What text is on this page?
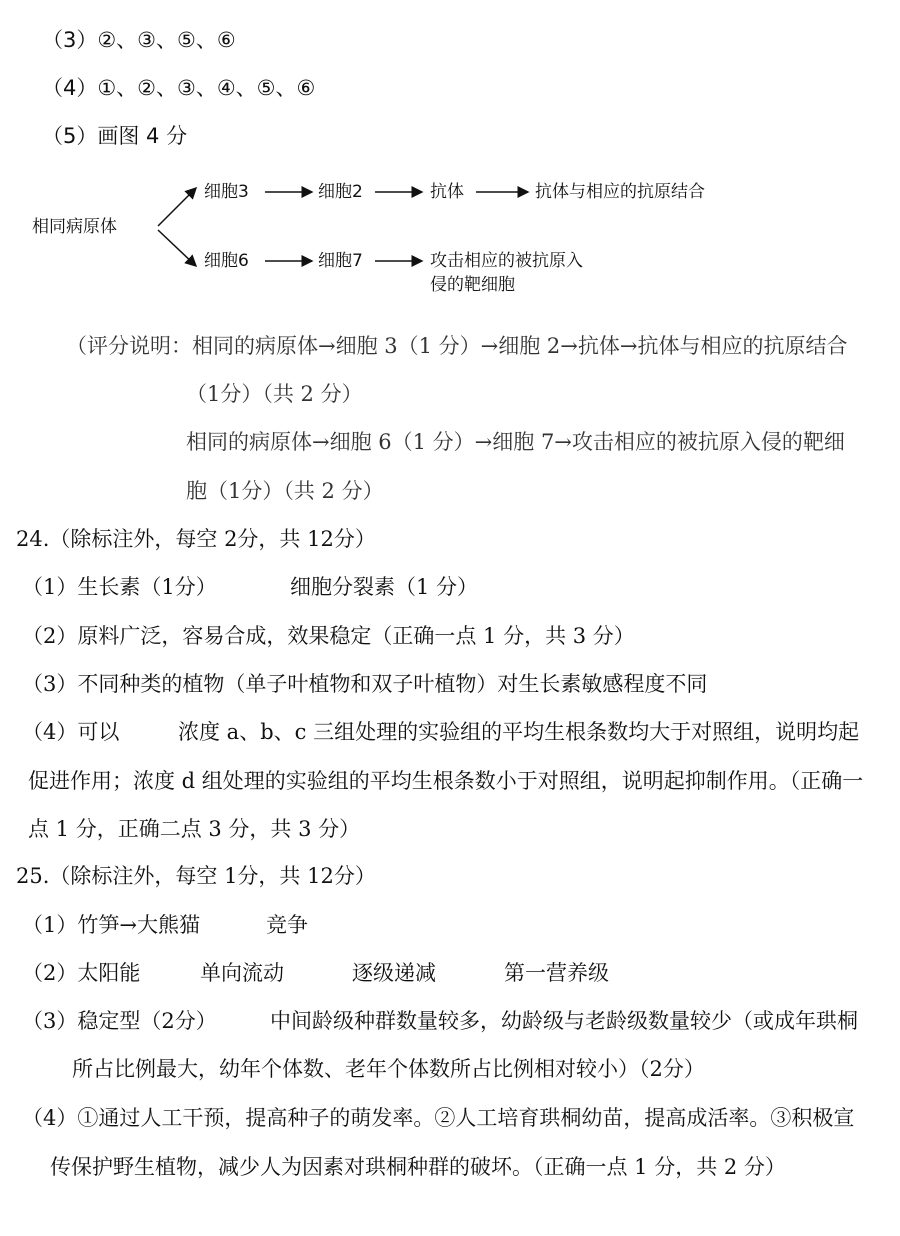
（3）②、③、⑤、⑥
（4）①、②、③、④、⑤、⑥
（5）画图 4 分
相同病原体
细胞3	细胞2	抗体	抗体与相应的抗原结合
细胞6	细胞7	攻击相应的被抗原入
侵的靶细胞
（评分说明：相同的病原体→细胞 3（1 分）→细胞 2→抗体→抗体与相应的抗原结合
（1分）（共 2 分）
相同的病原体→细胞 6（1 分）→细胞 7→攻击相应的被抗原入侵的靶细
胞（1分）（共 2 分）
24.（除标注外，每空 2分，共 12分）
（1）生长素（1分）	细胞分裂素（1 分）
（2）原料广泛，容易合成，效果稳定（正确一点 1 分，共 3 分）
（3）不同种类的植物（单子叶植物和双子叶植物）对生长素敏感程度不同
（4）可以	浓度 a、b、c 三组处理的实验组的平均生根条数均大于对照组，说明均起
促进作用；浓度 d 组处理的实验组的平均生根条数小于对照组，说明起抑制作用。（正确一
点 1 分，正确二点 3 分，共 3 分）
25.（除标注外，每空 1分，共 12分）
（1）竹笋→大熊猫	竞争
（2）太阳能	单向流动	逐级递减	第一营养级
（3）稳定型（2分）	中间龄级种群数量较多，幼龄级与老龄级数量较少（或成年珙桐
所占比例最大，幼年个体数、老年个体数所占比例相对较小）（2分）
（4）①通过人工干预，提高种子的萌发率。②人工培育珙桐幼苗，提高成活率。③积极宣
传保护野生植物，减少人为因素对珙桐种群的破坏。（正确一点 1 分，共 2 分）
